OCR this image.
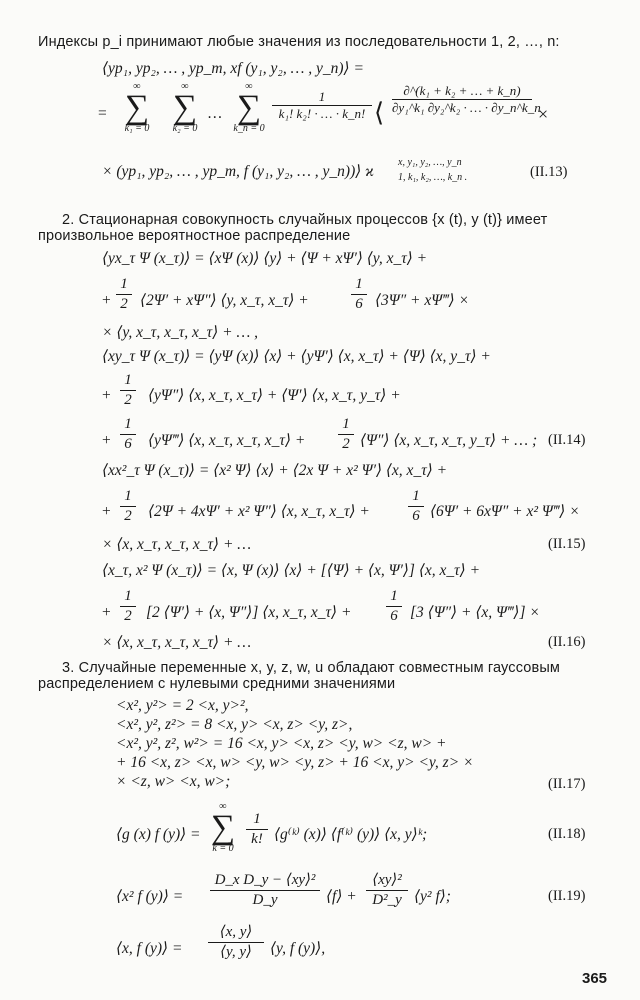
Индексы p_i принимают любые значения из последовательности 1, 2, …, n:
⟨yp₁, yp₂, … , yp_m, xf (y₁, y₂, … , y_n)⟩ =
=
∞
∑
k₁ = 0
∞
∑
k₂ = 0
…
∞
∑
k_n = 0
1
k₁! k₂! · … · k_n! ⟨
∂^(k₁ + k₂ + … + k_n)
∂y₁^k₁ ∂y₂^k₂ · … · ∂y_n^k_n
×
× (yp₁, yp₂, … , yp_m, f (y₁, y₂, … , y_n))⟩ ϰ
x, y₁, y₂, …, y_n
1, k₁, k₂, …, k_n .	(II.13)
2. Стационарная совокупность случайных процессов {x (t), y (t)} имеет
произвольное вероятностное распределение
⟨yx_τ Ψ (x_τ)⟩ = ⟨xΨ (x)⟩ ⟨y⟩ + ⟨Ψ + xΨ′⟩ ⟨y, x_τ⟩ +
+
1
2 ⟨2Ψ′ + xΨ″⟩ ⟨y, x_τ, x_τ⟩ +
1
6 ⟨3Ψ″ + xΨ‴⟩ ×
× ⟨y, x_τ, x_τ, x_τ⟩ + … ,
⟨xy_τ Ψ (x_τ)⟩ = ⟨yΨ (x)⟩ ⟨x⟩ + ⟨yΨ′⟩ ⟨x, x_τ⟩ + ⟨Ψ⟩ ⟨x, y_τ⟩ +
+
1
2 ⟨yΨ″⟩ ⟨x, x_τ, x_τ⟩ + ⟨Ψ′⟩ ⟨x, x_τ, y_τ⟩ +
+
1
6 ⟨yΨ‴⟩ ⟨x, x_τ, x_τ, x_τ⟩ +
1
2 ⟨Ψ″⟩ ⟨x, x_τ, x_τ, y_τ⟩ + … ; (II.14)
⟨xx²_τ Ψ (x_τ)⟩ = ⟨x² Ψ⟩ ⟨x⟩ + ⟨2x Ψ + x² Ψ′⟩ ⟨x, x_τ⟩ +
+
1
2 ⟨2Ψ + 4xΨ′ + x² Ψ″⟩ ⟨x, x_τ, x_τ⟩ +
1
6 ⟨6Ψ′ + 6xΨ″ + x² Ψ‴⟩ ×
× ⟨x, x_τ, x_τ, x_τ⟩ + …	(II.15)
⟨x_τ, x² Ψ (x_τ)⟩ = ⟨x, Ψ (x)⟩ ⟨x⟩ + [⟨Ψ⟩ + ⟨x, Ψ′⟩] ⟨x, x_τ⟩ +
+
1
2 [2 ⟨Ψ′⟩ + ⟨x, Ψ″⟩] ⟨x, x_τ, x_τ⟩ +
1
6 [3 ⟨Ψ″⟩ + ⟨x, Ψ‴⟩] ×
× ⟨x, x_τ, x_τ, x_τ⟩ + …	(II.16)
3. Случайные переменные x, y, z, w, u обладают совместным гауссовым
распределением с нулевыми средними значениями
<x², y²> = 2 <x, y>²,
<x², y², z²> = 8 <x, y> <x, z> <y, z>,
<x², y², z², w²> = 16 <x, y> <x, z> <y, w> <z, w> +
+ 16 <x, z> <x, w> <y, w> <y, z> + 16 <x, y> <y, z> ×
× <z, w> <x, w>;	(II.17)
⟨g (x) f (y)⟩ =
∞
∑
k = 0
1
k! ⟨g⁽ᵏ⁾ (x)⟩ ⟨f⁽ᵏ⁾ (y)⟩ ⟨x, y⟩ᵏ;	(II.18)
⟨x² f (y)⟩ =
D_x D_y − ⟨xy⟩²
D_y	⟨f⟩ +
⟨xy⟩²
D²_y ⟨y² f⟩;	(II.19)
⟨x, f (y)⟩ =
⟨x, y⟩
⟨y, y⟩	⟨y, f (y)⟩,
365
